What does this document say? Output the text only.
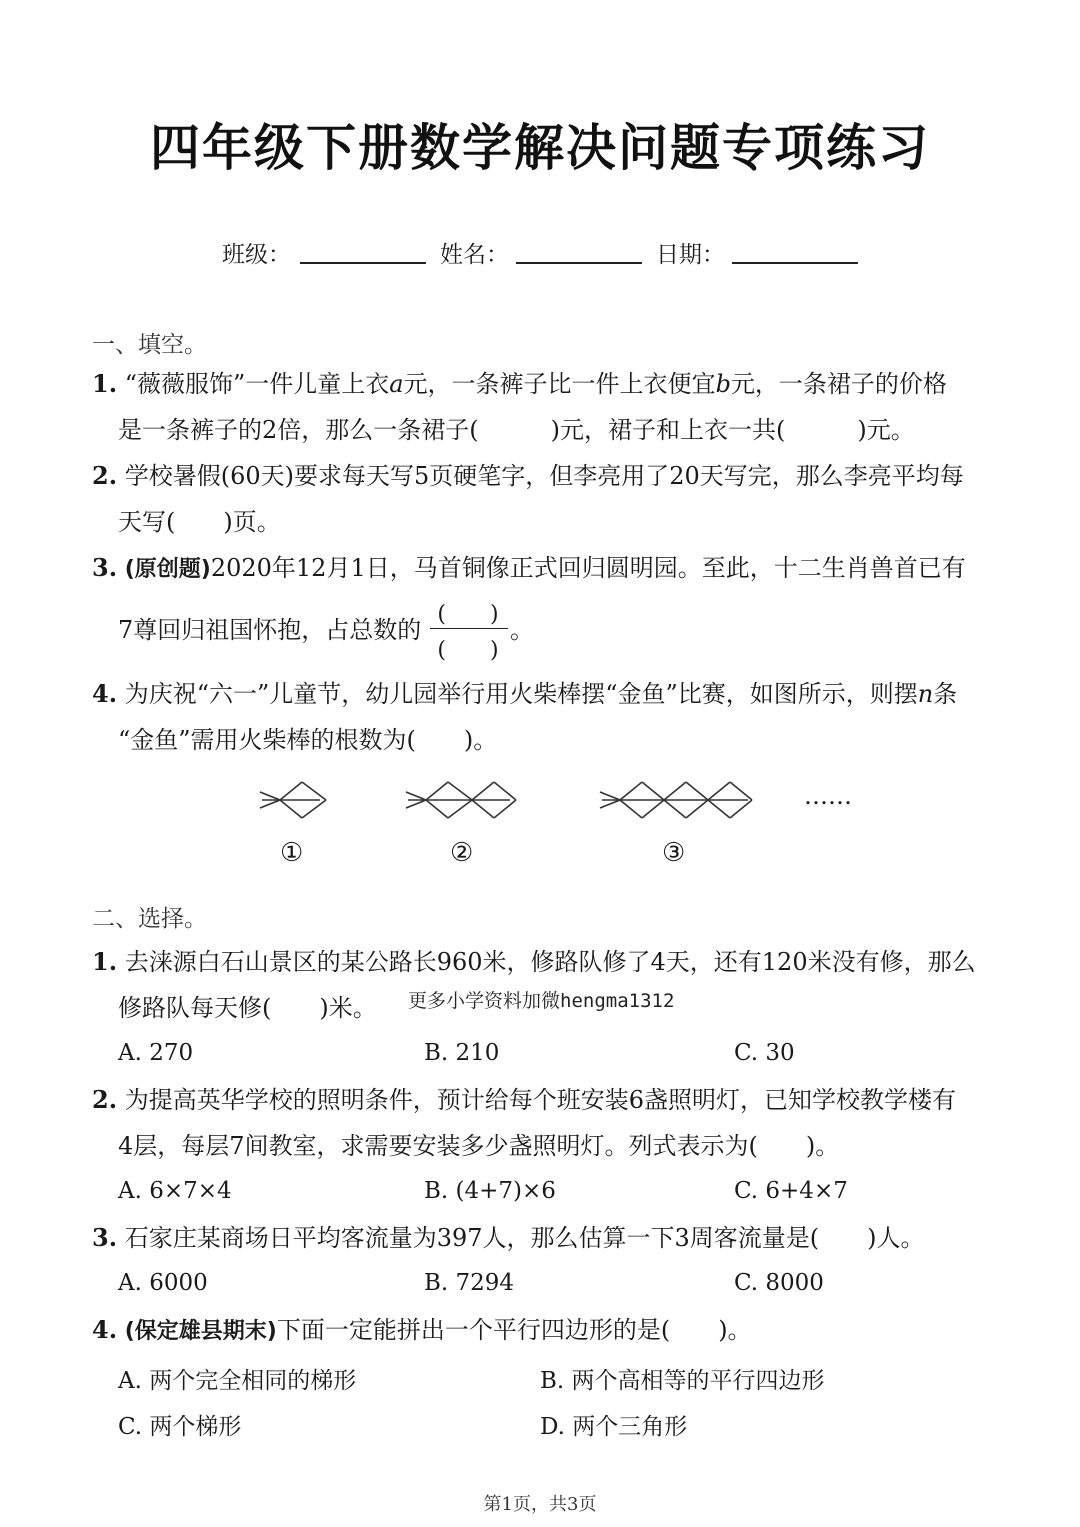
四年级下册数学解决问题专项练习
班级：	姓名：	日期：
一、填空。
1. “薇薇服饰”一件儿童上衣a元，一条裤子比一件上衣便宜b元，一条裙子的价格
是一条裤子的2倍，那么一条裙子(　　　)元，裙子和上衣一共(　　　)元。
2. 学校暑假(60天)要求每天写5页硬笔字，但李亮用了20天写完，那么李亮平均每
天写(　　)页。
3. (原创题)2020年12月1日，马首铜像正式回归圆明园。至此，十二生肖兽首已有
7尊回归祖国怀抱，占总数的
(　　)
(　　)
。
4. 为庆祝“六一”儿童节，幼儿园举行用火柴棒摆“金鱼”比赛，如图所示，则摆n条
“金鱼”需用火柴棒的根数为(　　)。
……
①	②	③
二、选择。
1. 去涞源白石山景区的某公路长960米，修路队修了4天，还有120米没有修，那么
修路队每天修(　　)米。 更多小学资料加微hengma1312
A. 270	B. 210	C. 30
2. 为提高英华学校的照明条件，预计给每个班安装6盏照明灯，已知学校教学楼有
4层，每层7间教室，求需要安装多少盏照明灯。列式表示为(　　)。
A. 6×7×4	B. (4+7)×6	C. 6+4×7
3. 石家庄某商场日平均客流量为397人，那么估算一下3周客流量是(　　)人。
A. 6000	B. 7294	C. 8000
4. (保定雄县期末)下面一定能拼出一个平行四边形的是(　　)。
A. 两个完全相同的梯形	B. 两个高相等的平行四边形
C. 两个梯形	D. 两个三角形
第1页，共3页
